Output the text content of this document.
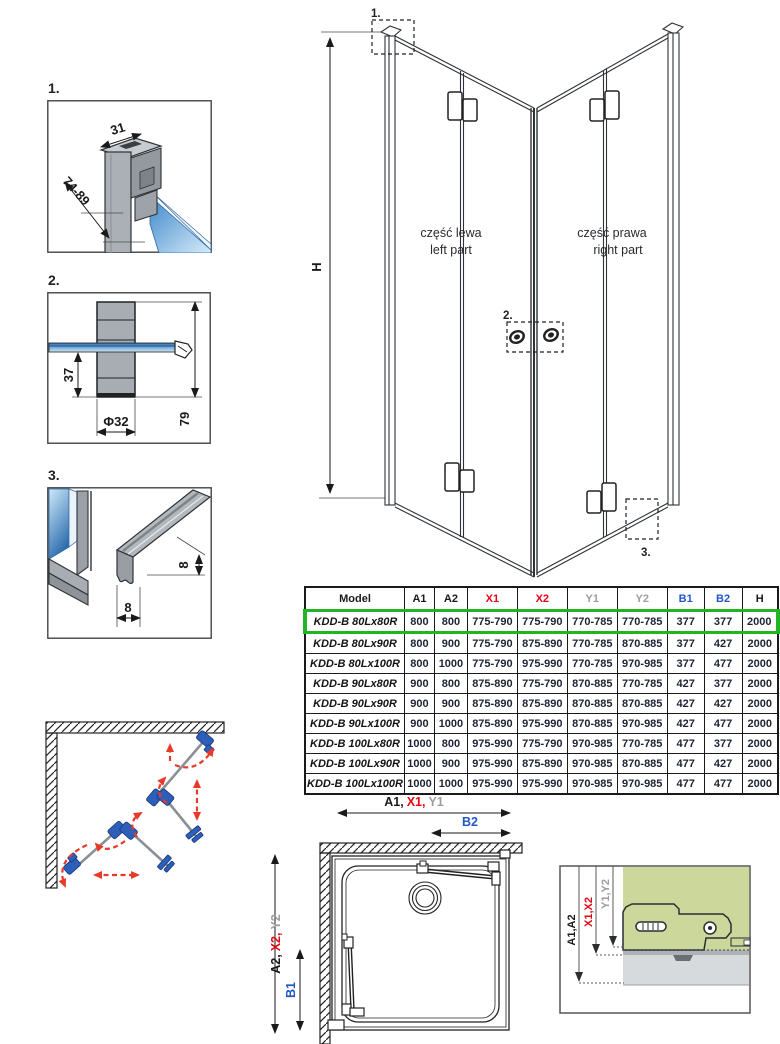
1.
31
74-89
2.
37
79
Φ32
3.
8
8
H
1.
2.
3.
część lewa
left part
część prawa
right part
Model	A1	A2	X1	X2	Y1	Y2	B1	B2	H
KDD-B 80Lx80R	800	800	775-790	775-790	770-785	770-785	377	377	2000
KDD-B 80Lx90R	800	900	775-790	875-890	770-785	870-885	377	427	2000
KDD-B 80Lx100R	800	1000	775-790	975-990	770-785	970-985	377	477	2000
KDD-B 90Lx80R	900	800	875-890	775-790	870-885	770-785	427	377	2000
KDD-B 90Lx90R	900	900	875-890	875-890	870-885	870-885	427	427	2000
KDD-B 90Lx100R	900	1000	875-890	975-990	870-885	970-985	427	477	2000
KDD-B 100Lx80R	1000	800	975-990	775-790	970-985	770-785	477	377	2000
KDD-B 100Lx90R	1000	900	975-990	875-890	970-985	870-885	477	427	2000
KDD-B 100Lx100R	1000	1000	975-990	975-990	970-985	970-985	477	477	2000
A1, X1, Y1
B2
B1
A2,X2,Y2
Y1,Y2
X1,X2
A1,A2
